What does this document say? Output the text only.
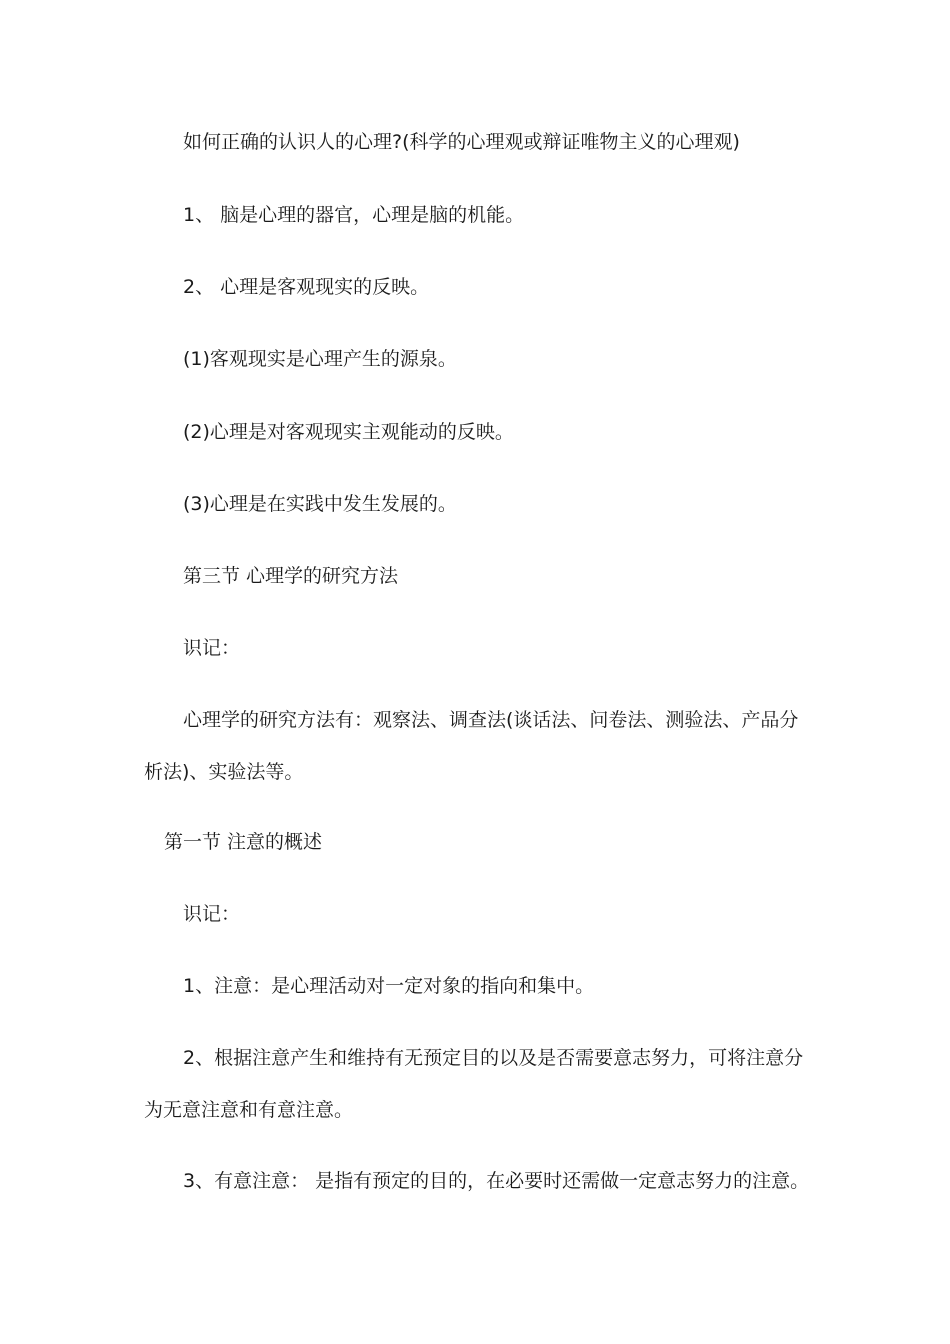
如何正确的认识人的心理?(科学的心理观或辩证唯物主义的心理观)
1、 脑是心理的器官，心理是脑的机能。
2、 心理是客观现实的反映。
(1)客观现实是心理产生的源泉。
(2)心理是对客观现实主观能动的反映。
(3)心理是在实践中发生发展的。
第三节 心理学的研究方法
识记：
心理学的研究方法有：观察法、调查法(谈话法、问卷法、测验法、产品分
析法)、实验法等。
第一节 注意的概述
识记：
1、注意：是心理活动对一定对象的指向和集中。
2、根据注意产生和维持有无预定目的以及是否需要意志努力，可将注意分
为无意注意和有意注意。
3、有意注意： 是指有预定的目的，在必要时还需做一定意志努力的注意。
